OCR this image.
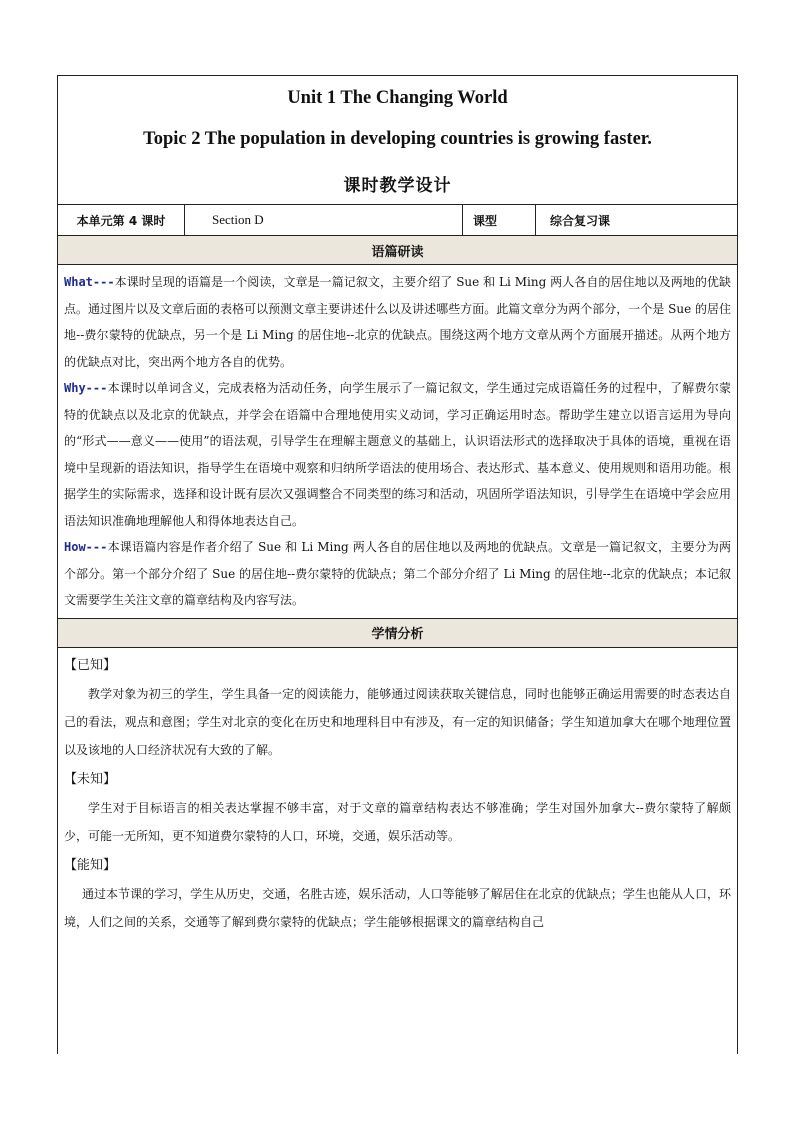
Unit 1 The Changing World
Topic 2 The population in developing countries is growing faster.
课时教学设计
本单元第 4 课时	Section D	课型	综合复习课
语篇研读

What---本课时呈现的语篇是一个阅读，文章是一篇记叙文，主要介绍了 Sue 和 Li Ming 两人各自的居住地以及两地的优缺点。通过图片以及文章后面的表格可以预测文章主要讲述什么以及讲述哪些方面。此篇文章分为两个部分，一个是 Sue 的居住地--费尔蒙特的优缺点，另一个是 Li Ming 的居住地--北京的优缺点。围绕这两个地方文章从两个方面展开描述。从两个地方的优缺点对比，突出两个地方各自的优势。

Why---本课时以单词含义，完成表格为活动任务，向学生展示了一篇记叙文，学生通过完成语篇任务的过程中，了解费尔蒙特的优缺点以及北京的优缺点，并学会在语篇中合理地使用实义动词，学习正确运用时态。帮助学生建立以语言运用为导向的“形式——意义——使用”的语法观，引导学生在理解主题意义的基础上，认识语法形式的选择取决于具体的语境，重视在语境中呈现新的语法知识，指导学生在语境中观察和归纳所学语法的使用场合、表达形式、基本意义、使用规则和语用功能。根据学生的实际需求，选择和设计既有层次又强调整合不同类型的练习和活动，巩固所学语法知识，引导学生在语境中学会应用语法知识准确地理解他人和得体地表达自己。

How---本课语篇内容是作者介绍了 Sue 和 Li Ming 两人各自的居住地以及两地的优缺点。文章是一篇记叙文，主要分为两个部分。第一个部分介绍了 Sue 的居住地--费尔蒙特的优缺点；第二个部分介绍了 Li Ming 的居住地--北京的优缺点；本记叙文需要学生关注文章的篇章结构及内容写法。

学情分析
【已知】

教学对象为初三的学生，学生具备一定的阅读能力，能够通过阅读获取关键信息，同时也能够正确运用需要的时态表达自己的看法，观点和意图；学生对北京的变化在历史和地理科目中有涉及，有一定的知识储备；学生知道加拿大在哪个地理位置以及该地的人口经济状况有大致的了解。

【未知】

学生对于目标语言的相关表达掌握不够丰富，对于文章的篇章结构表达不够准确；学生对国外加拿大--费尔蒙特了解颇少，可能一无所知，更不知道费尔蒙特的人口，环境，交通，娱乐活动等。

【能知】

通过本节课的学习，学生从历史，交通，名胜古迹，娱乐活动，人口等能够了解居住在北京的优缺点；学生也能从人口，环境，人们之间的关系，交通等了解到费尔蒙特的优缺点；学生能够根据课文的篇章结构自己
